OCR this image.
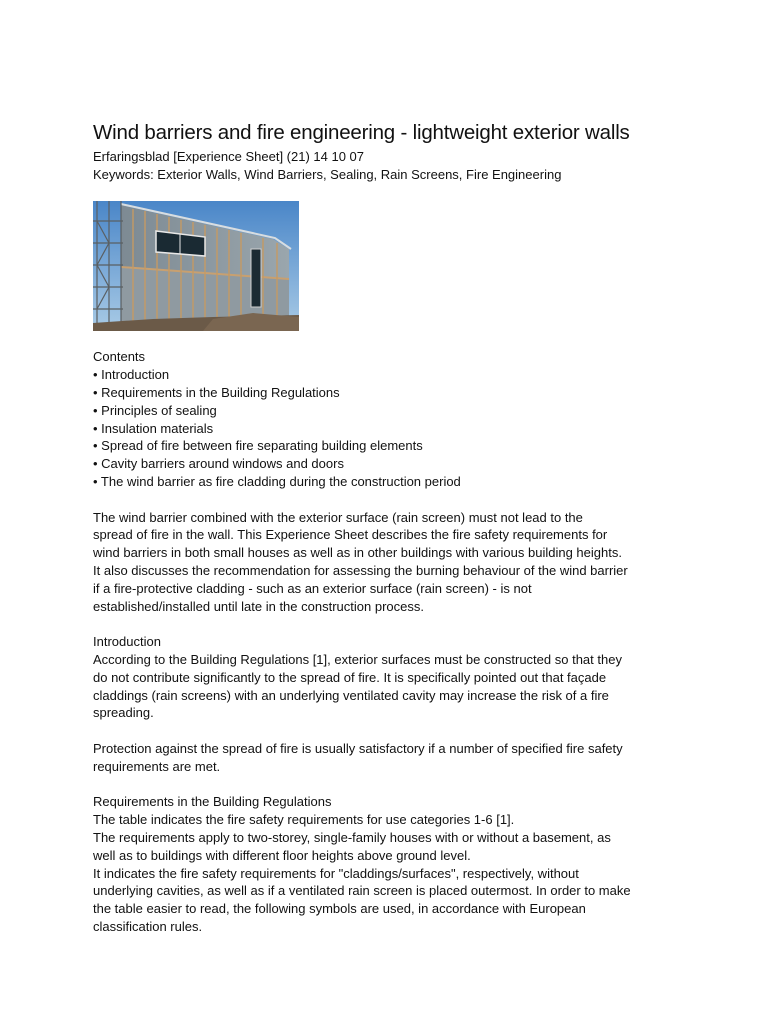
Wind barriers and fire engineering - lightweight exterior walls

Erfaringsblad [Experience Sheet] (21) 14 10 07

Keywords: Exterior Walls, Wind Barriers, Sealing, Rain Screens, Fire Engineering

Contents

• Introduction
• Requirements in the Building Regulations
• Principles of sealing
• Insulation materials
• Spread of fire between fire separating building elements
• Cavity barriers around windows and doors
• The wind barrier as fire cladding during the construction period

The wind barrier combined with the exterior surface (rain screen) must not lead to the

spread of fire in the wall. This Experience Sheet describes the fire safety requirements for

wind barriers in both small houses as well as in other buildings with various building heights.

It also discusses the recommendation for assessing the burning behaviour of the wind barrier

if a fire-protective cladding - such as an exterior surface (rain screen) - is not

established/installed until late in the construction process.

Introduction

According to the Building Regulations [1], exterior surfaces must be constructed so that they

do not contribute significantly to the spread of fire. It is specifically pointed out that façade

claddings (rain screens) with an underlying ventilated cavity may increase the risk of a fire

spreading.

Protection against the spread of fire is usually satisfactory if a number of specified fire safety

requirements are met.

Requirements in the Building Regulations

The table indicates the fire safety requirements for use categories 1-6 [1].

The requirements apply to two-storey, single-family houses with or without a basement, as

well as to buildings with different floor heights above ground level.

It indicates the fire safety requirements for "claddings/surfaces", respectively, without

underlying cavities, as well as if a ventilated rain screen is placed outermost. In order to make

the table easier to read, the following symbols are used, in accordance with European

classification rules.
